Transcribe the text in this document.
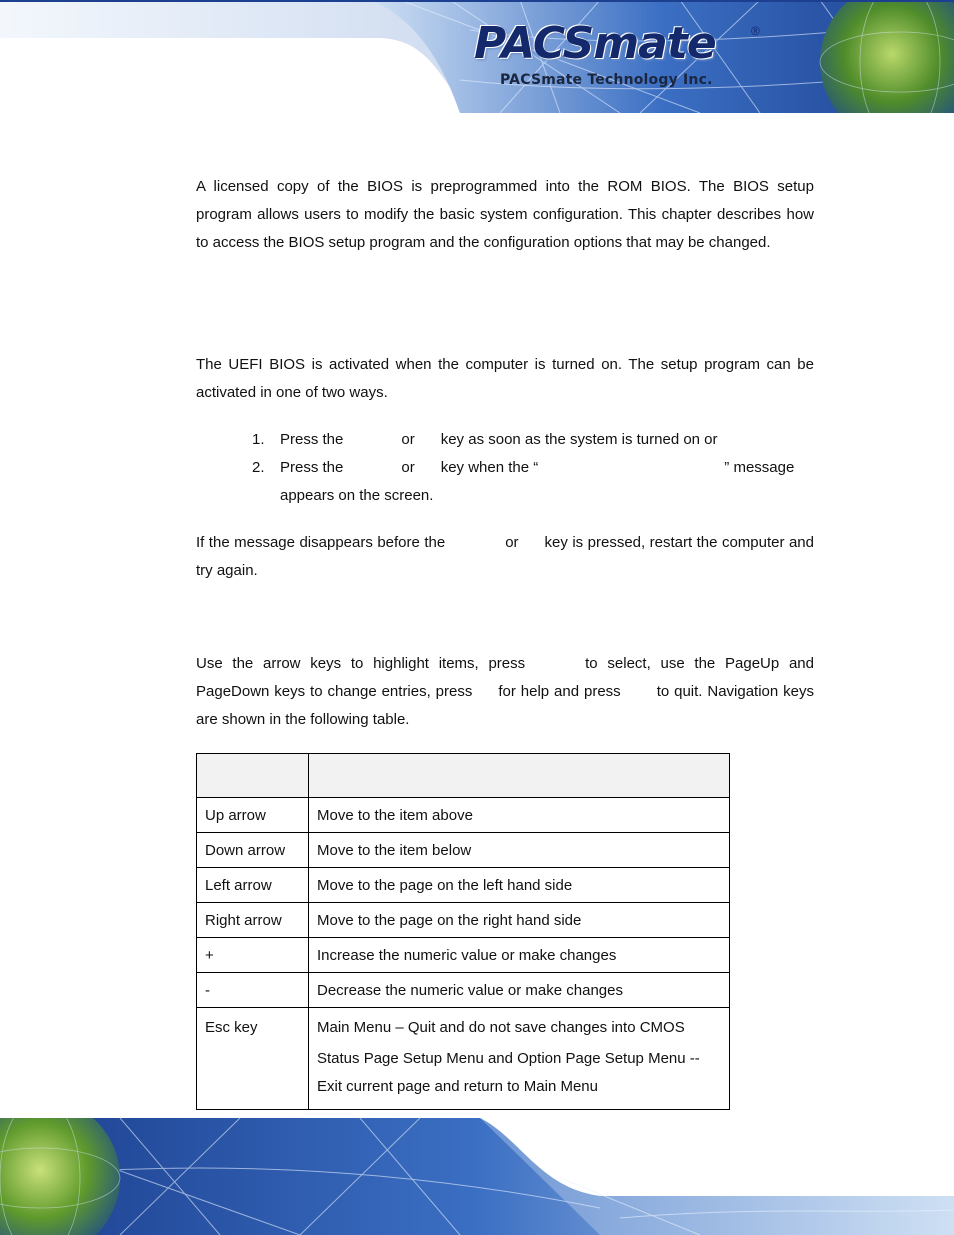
PACSmate	®
PACSmate Technology Inc.

A licensed copy of the BIOS is preprogrammed into the ROM BIOS. The BIOS setup program allows users to modify the basic system configuration. This chapter describes how to access the BIOS setup program and the configuration options that may be changed.

The UEFI BIOS is activated when the computer is turned on. The setup program can be activated in one of two ways.

1. Press the	or key as soon as the system is turned on or
2. Press the	or key when the “	” message appears on the screen.

If the message disappears before the	or key is pressed, restart the computer and try again.

Use the arrow keys to highlight items, press	to select, use the PageUp and PageDown keys to change entries, press for help and press to quit. Navigation keys are shown in the following table.

Up arrow	Move to the item above
Down arrow	Move to the item below
Left arrow	Move to the page on the left hand side
Right arrow	Move to the page on the right hand side
+	Increase the numeric value or make changes
-	Decrease the numeric value or make changes
Esc key	Main Menu – Quit and do not save changes into CMOS
Status Page Setup Menu and Option Page Setup Menu --
Exit current page and return to Main Menu
